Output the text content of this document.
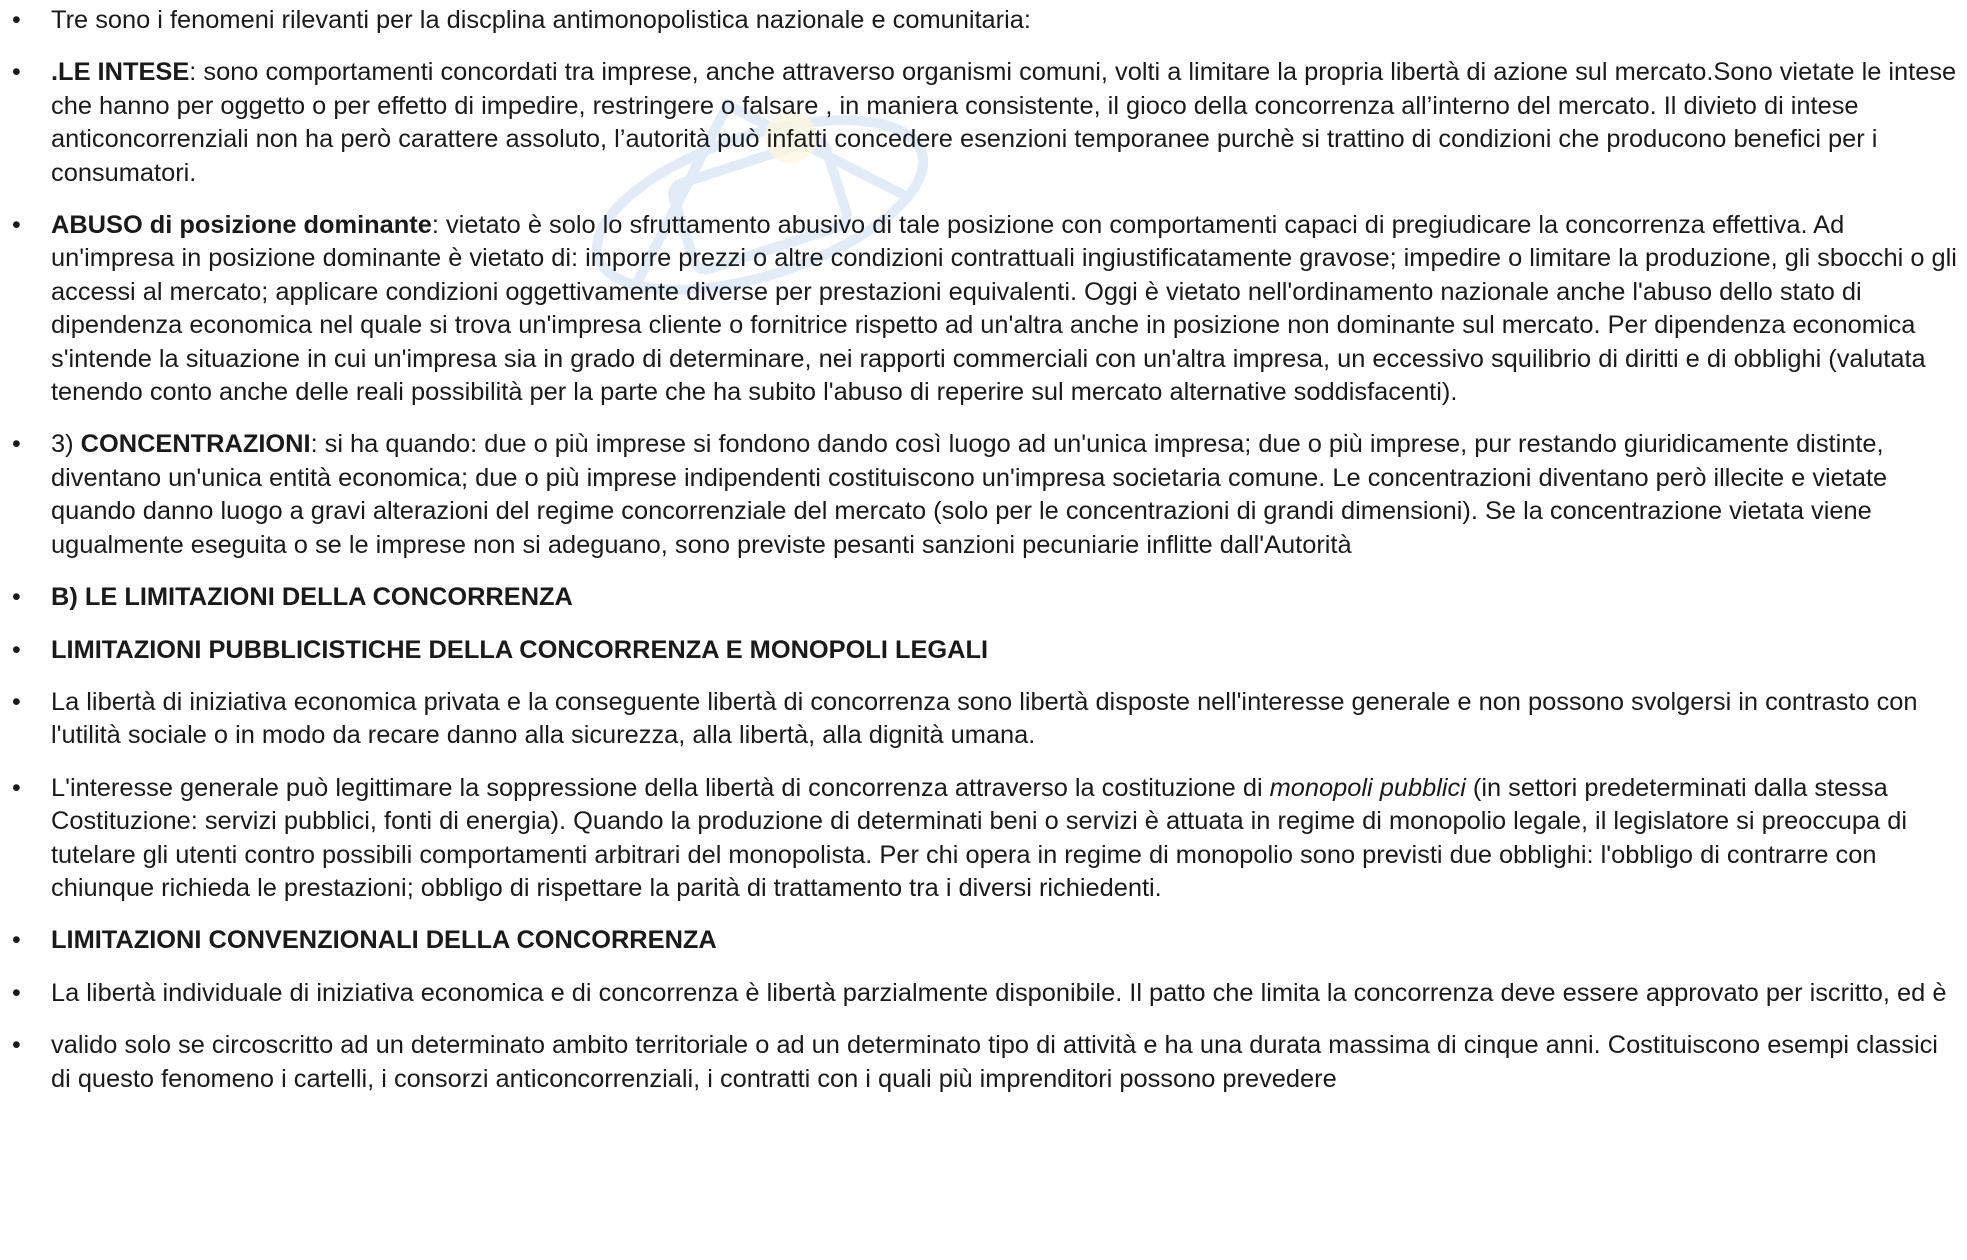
• Tre sono i fenomeni rilevanti per la discplina antimonopolistica nazionale e comunitaria:
• .LE INTESE: sono comportamenti concordati tra imprese, anche attraverso organismi comuni, volti a limitare la propria libertà di azione sul mercato.Sono vietate le intese che hanno per oggetto o per effetto di impedire, restringere o falsare , in maniera consistente, il gioco della concorrenza all’interno del mercato. Il divieto di intese anticoncorrenziali non ha però carattere assoluto, l’autorità può infatti concedere esenzioni temporanee purchè si trattino di condizioni che producono benefici per i consumatori.
• ABUSO di posizione dominante: vietato è solo lo sfruttamento abusivo di tale posizione con comportamenti capaci di pregiudicare la concorrenza effettiva. Ad un'impresa in posizione dominante è vietato di: imporre prezzi o altre condizioni contrattuali ingiustificatamente gravose; impedire o limitare la produzione, gli sbocchi o gli accessi al mercato; applicare condizioni oggettivamente diverse per prestazioni equivalenti. Oggi è vietato nell'ordinamento nazionale anche l'abuso dello stato di dipendenza economica nel quale si trova un'impresa cliente o fornitrice rispetto ad un'altra anche in posizione non dominante sul mercato. Per dipendenza economica s'intende la situazione in cui un'impresa sia in grado di determinare, nei rapporti commerciali con un'altra impresa, un eccessivo squilibrio di diritti e di obblighi (valutata tenendo conto anche delle reali possibilità per la parte che ha subito l'abuso di reperire sul mercato alternative soddisfacenti).
• 3) CONCENTRAZIONI: si ha quando: due o più imprese si fondono dando così luogo ad un'unica impresa; due o più imprese, pur restando giuridicamente distinte, diventano un'unica entità economica; due o più imprese indipendenti costituiscono un'impresa societaria comune. Le concentrazioni diventano però illecite e vietate quando danno luogo a gravi alterazioni del regime concorrenziale del mercato (solo per le concentrazioni di grandi dimensioni). Se la concentrazione vietata viene ugualmente eseguita o se le imprese non si adeguano, sono previste pesanti sanzioni pecuniarie inflitte dall'Autorità
• B) LE LIMITAZIONI DELLA CONCORRENZA
• LIMITAZIONI PUBBLICISTICHE DELLA CONCORRENZA E MONOPOLI LEGALI
• La libertà di iniziativa economica privata e la conseguente libertà di concorrenza sono libertà disposte nell'interesse generale e non possono svolgersi in contrasto con l'utilità sociale o in modo da recare danno alla sicurezza, alla libertà, alla dignità umana.
• L'interesse generale può legittimare la soppressione della libertà di concorrenza attraverso la costituzione di monopoli pubblici (in settori predeterminati dalla stessa Costituzione: servizi pubblici, fonti di energia). Quando la produzione di determinati beni o servizi è attuata in regime di monopolio legale, il legislatore si preoccupa di tutelare gli utenti contro possibili comportamenti arbitrari del monopolista. Per chi opera in regime di monopolio sono previsti due obblighi: l'obbligo di contrarre con chiunque richieda le prestazioni; obbligo di rispettare la parità di trattamento tra i diversi richiedenti.
• LIMITAZIONI CONVENZIONALI DELLA CONCORRENZA
• La libertà individuale di iniziativa economica e di concorrenza è libertà parzialmente disponibile. Il patto che limita la concorrenza deve essere approvato per iscritto, ed è
• valido solo se circoscritto ad un determinato ambito territoriale o ad un determinato tipo di attività e ha una durata massima di cinque anni. Costituiscono esempi classici di questo fenomeno i cartelli, i consorzi anticoncorrenziali, i contratti con i quali più imprenditori possono prevedere
